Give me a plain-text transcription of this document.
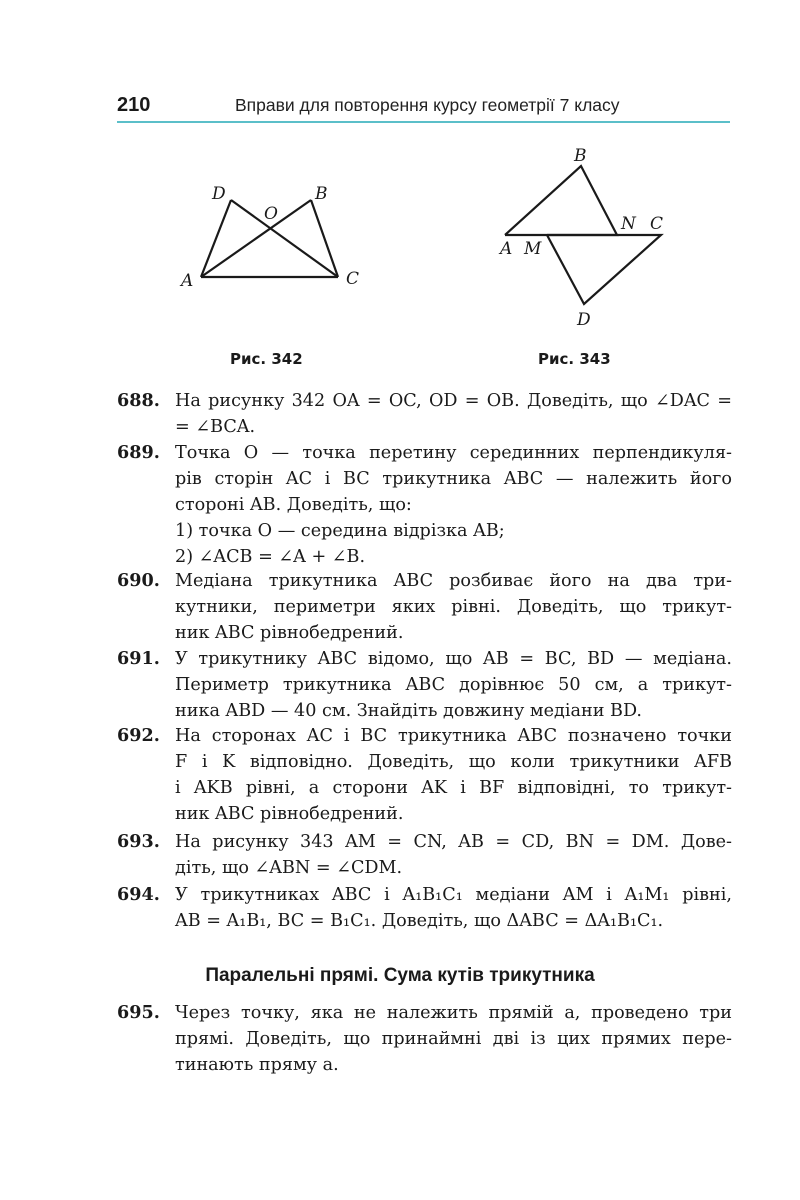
210	Вправи для повторення курсу геометрії 7 класу
D
O
B
A	C
Рис. 342
B
N C
A M
D
Рис. 343
688. На рисунку 342 OA = OC, OD = OB. Доведіть, що ∠DAC =
= ∠BCA.
689. Точка O — точка перетину серединних перпендикуля-
рів сторін AC і BC трикутника ABC — належить його
стороні AB. Доведіть, що:
1) точка O — середина відрізка AB;
2) ∠ACB = ∠A + ∠B.
690. Медіана трикутника ABC розбиває його на два три-
кутники, периметри яких рівні. Доведіть, що трикут-
ник ABC рівнобедрений.
691. У трикутнику ABC відомо, що AB = BC, BD — медіана.
Периметр трикутника ABC дорівнює 50 см, а трикут-
ника ABD — 40 см. Знайдіть довжину медіани BD.
692. На сторонах AC і BC трикутника ABC позначено точки
F і K відповідно. Доведіть, що коли трикутники AFB
і AKB рівні, а сторони AK і BF відповідні, то трикут-
ник ABC рівнобедрений.
693. На рисунку 343 AM = CN, AB = CD, BN = DM. Дове-
діть, що ∠ABN = ∠CDM.
694. У трикутниках ABC і A₁B₁C₁ медіани AM і A₁M₁ рівні,
AB = A₁B₁, BC = B₁C₁. Доведіть, що ΔABC = ΔA₁B₁C₁.
Паралельні прямі. Сума кутів трикутника
695. Через точку, яка не належить прямій a, проведено три
прямі. Доведіть, що принаймні дві із цих прямих пере-
тинають пряму a.
